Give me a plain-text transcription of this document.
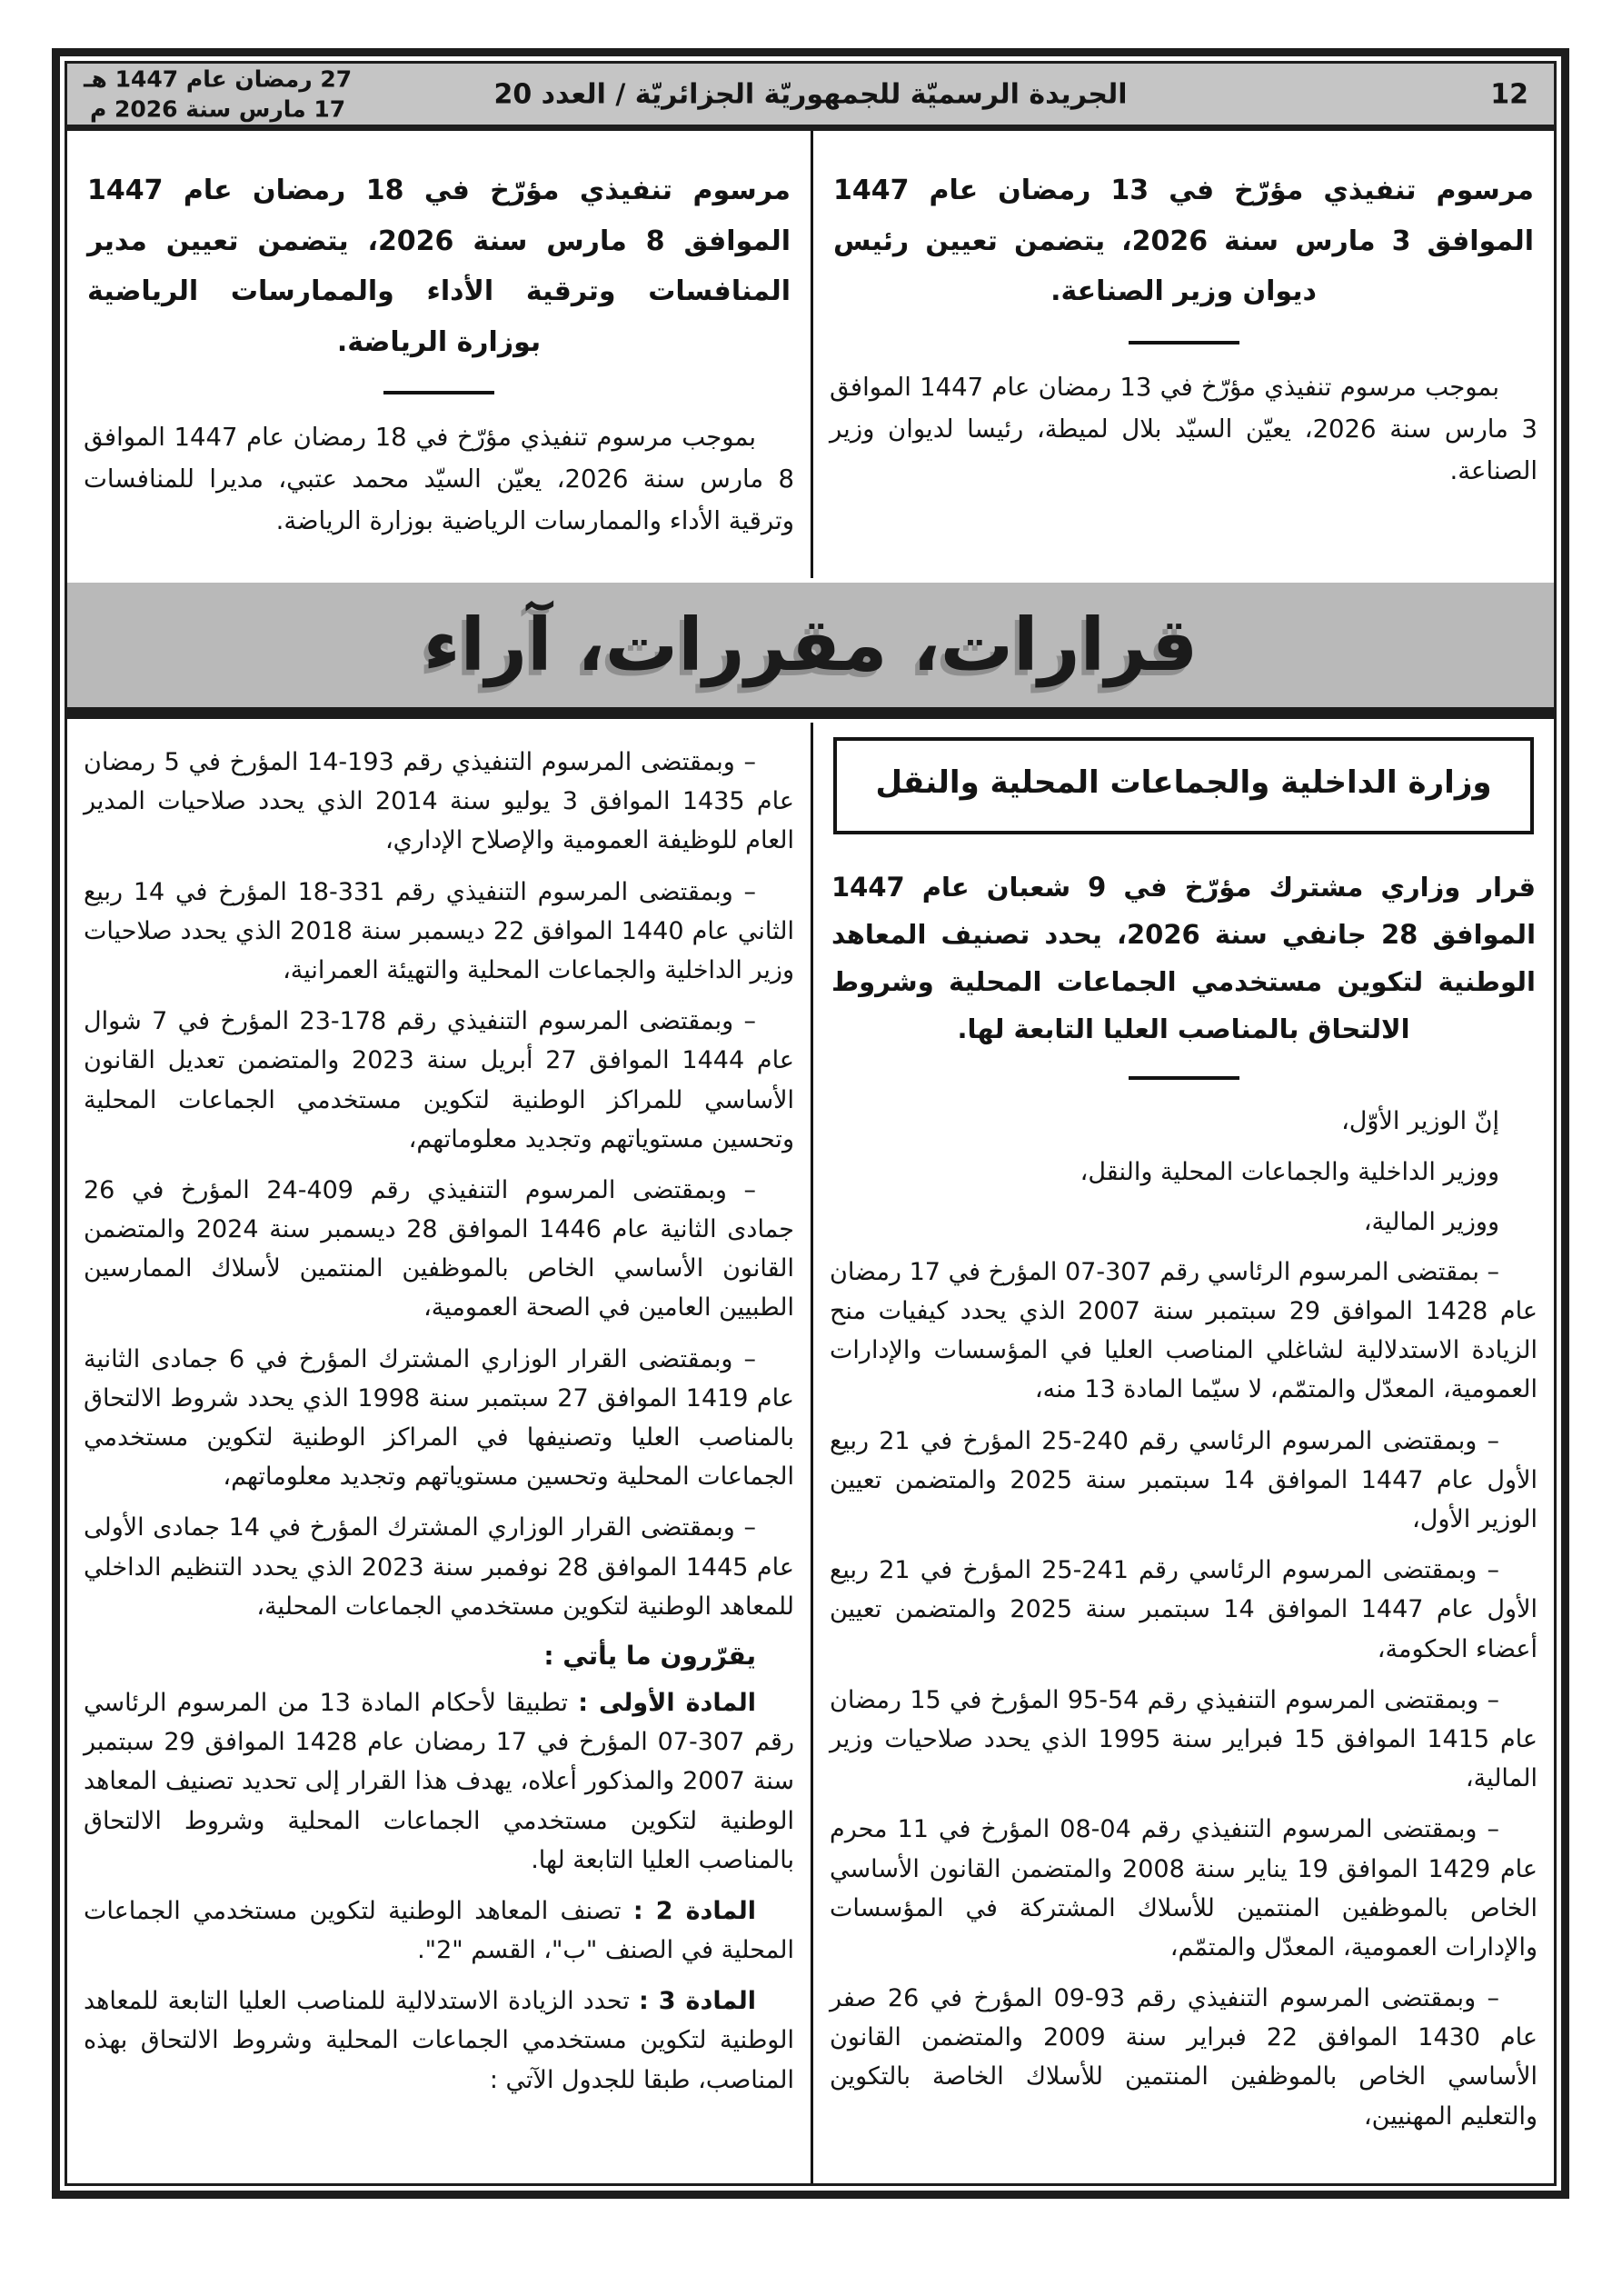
27 رمضان عام 1447 هـ
17 مارس سنة 2026 م	الجريدة الرسميّة للجمهوريّة الجزائريّة / العدد 20	12
مرسوم تنفيذي مؤرّخ في 13 رمضان عام 1447 الموافق 3 مارس سنة 2026، يتضمن تعيين رئيس ديوان وزير الصناعة.

بموجب مرسوم تنفيذي مؤرّخ في 13 رمضان عام 1447 الموافق 3 مارس سنة 2026، يعيّن السيّد بلال لميطة، رئيسا لديوان وزير الصناعة.

مرسوم تنفيذي مؤرّخ في 18 رمضان عام 1447 الموافق 8 مارس سنة 2026، يتضمن تعيين مدير المنافسات وترقية الأداء والممارسات الرياضية بوزارة الرياضة.

بموجب مرسوم تنفيذي مؤرّخ في 18 رمضان عام 1447 الموافق 8 مارس سنة 2026، يعيّن السيّد محمد عتبي، مديرا للمنافسات وترقية الأداء والممارسات الرياضية بوزارة الرياضة.

قرارات، مقررات، آراء
وزارة الداخلية والجماعات المحلية والنقل
قرار وزاري مشترك مؤرّخ في 9 شعبان عام 1447 الموافق 28 جانفي سنة 2026، يحدد تصنيف المعاهد الوطنية لتكوين مستخدمي الجماعات المحلية وشروط الالتحاق بالمناصب العليا التابعة لها.

إنّ الوزير الأوّل،

ووزير الداخلية والجماعات المحلية والنقل،

ووزير المالية،

– بمقتضى المرسوم الرئاسي رقم 307-07 المؤرخ في 17 رمضان عام 1428 الموافق 29 سبتمبر سنة 2007 الذي يحدد كيفيات منح الزيادة الاستدلالية لشاغلي المناصب العليا في المؤسسات والإدارات العمومية، المعدّل والمتمّم، لا سيّما المادة 13 منه،

– وبمقتضى المرسوم الرئاسي رقم 240-25 المؤرخ في 21 ربيع الأول عام 1447 الموافق 14 سبتمبر سنة 2025 والمتضمن تعيين الوزير الأول،

– وبمقتضى المرسوم الرئاسي رقم 241-25 المؤرخ في 21 ربيع الأول عام 1447 الموافق 14 سبتمبر سنة 2025 والمتضمن تعيين أعضاء الحكومة،

– وبمقتضى المرسوم التنفيذي رقم 54-95 المؤرخ في 15 رمضان عام 1415 الموافق 15 فبراير سنة 1995 الذي يحدد صلاحيات وزير المالية،

– وبمقتضى المرسوم التنفيذي رقم 04-08 المؤرخ في 11 محرم عام 1429 الموافق 19 يناير سنة 2008 والمتضمن القانون الأساسي الخاص بالموظفين المنتمين للأسلاك المشتركة في المؤسسات والإدارات العمومية، المعدّل والمتمّم،

– وبمقتضى المرسوم التنفيذي رقم 93-09 المؤرخ في 26 صفر عام 1430 الموافق 22 فبراير سنة 2009 والمتضمن القانون الأساسي الخاص بالموظفين المنتمين للأسلاك الخاصة بالتكوين والتعليم المهنيين،

– وبمقتضى المرسوم التنفيذي رقم 193-14 المؤرخ في 5 رمضان عام 1435 الموافق 3 يوليو سنة 2014 الذي يحدد صلاحيات المدير العام للوظيفة العمومية والإصلاح الإداري،

– وبمقتضى المرسوم التنفيذي رقم 331-18 المؤرخ في 14 ربيع الثاني عام 1440 الموافق 22 ديسمبر سنة 2018 الذي يحدد صلاحيات وزير الداخلية والجماعات المحلية والتهيئة العمرانية،

– وبمقتضى المرسوم التنفيذي رقم 178-23 المؤرخ في 7 شوال عام 1444 الموافق 27 أبريل سنة 2023 والمتضمن تعديل القانون الأساسي للمراكز الوطنية لتكوين مستخدمي الجماعات المحلية وتحسين مستوياتهم وتجديد معلوماتهم،

– وبمقتضى المرسوم التنفيذي رقم 409-24 المؤرخ في 26 جمادى الثانية عام 1446 الموافق 28 ديسمبر سنة 2024 والمتضمن القانون الأساسي الخاص بالموظفين المنتمين لأسلاك الممارسين الطبيين العامين في الصحة العمومية،

– وبمقتضى القرار الوزاري المشترك المؤرخ في 6 جمادى الثانية عام 1419 الموافق 27 سبتمبر سنة 1998 الذي يحدد شروط الالتحاق بالمناصب العليا وتصنيفها في المراكز الوطنية لتكوين مستخدمي الجماعات المحلية وتحسين مستوياتهم وتجديد معلوماتهم،

– وبمقتضى القرار الوزاري المشترك المؤرخ في 14 جمادى الأولى عام 1445 الموافق 28 نوفمبر سنة 2023 الذي يحدد التنظيم الداخلي للمعاهد الوطنية لتكوين مستخدمي الجماعات المحلية،

يقرّرون ما يأتي :

المادة الأولى : تطبيقا لأحكام المادة 13 من المرسوم الرئاسي رقم 307-07 المؤرخ في 17 رمضان عام 1428 الموافق 29 سبتمبر سنة 2007 والمذكور أعلاه، يهدف هذا القرار إلى تحديد تصنيف المعاهد الوطنية لتكوين مستخدمي الجماعات المحلية وشروط الالتحاق بالمناصب العليا التابعة لها.

المادة 2 : تصنف المعاهد الوطنية لتكوين مستخدمي الجماعات المحلية في الصنف "ب"، القسم "2".

المادة 3 : تحدد الزيادة الاستدلالية للمناصب العليا التابعة للمعاهد الوطنية لتكوين مستخدمي الجماعات المحلية وشروط الالتحاق بهذه المناصب، طبقا للجدول الآتي :
